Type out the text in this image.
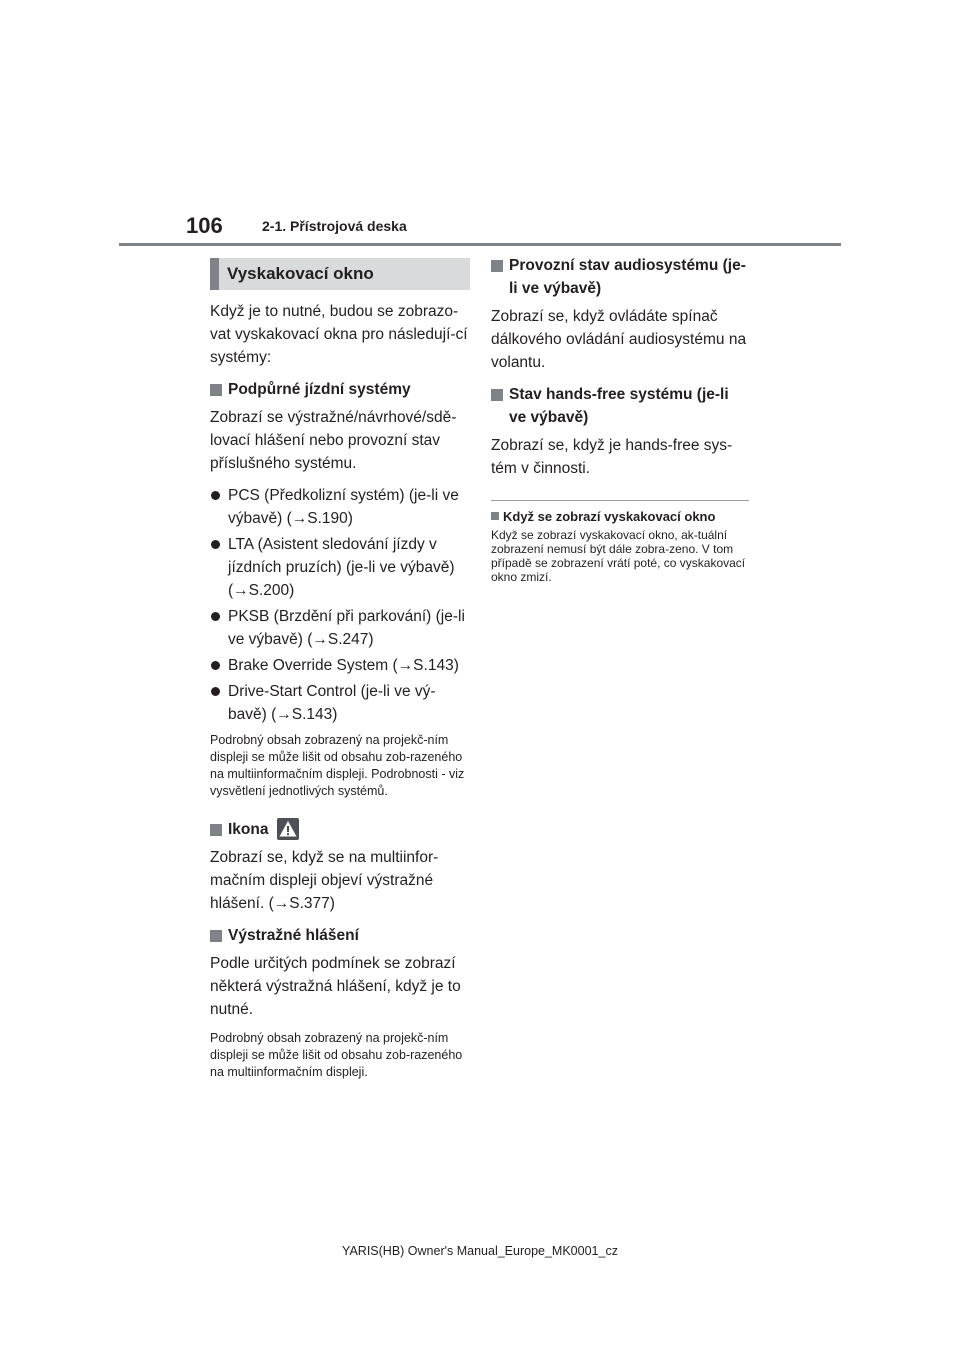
106	2-1. Přístrojová deska
Vyskakovací okno

Když je to nutné, budou se zobrazo-vat vyskakovací okna pro následují-cí systémy:

Podpůrné jízdní systémy

Zobrazí se výstražné/návrhové/sdě-lovací hlášení nebo provozní stav příslušného systému.

PCS (Předkolizní systém) (je-li ve výbavě) (→S.190)
LTA (Asistent sledování jízdy v jízdních pruzích) (je-li ve výbavě) (→S.200)
PKSB (Brzdění při parkování) (je-li ve výbavě) (→S.247)
Brake Override System (→S.143)
Drive-Start Control (je-li ve vý-bavě) (→S.143)

Podrobný obsah zobrazený na projekč-ním displeji se může lišit od obsahu zob-razeného na multiinformačním displeji. Podrobnosti - viz vysvětlení jednotlivých systémů.

Ikona

Zobrazí se, když se na multiinfor-mačním displeji objeví výstražné hlášení. (→S.377)

Výstražné hlášení

Podle určitých podmínek se zobrazí některá výstražná hlášení, když je to nutné.

Podrobný obsah zobrazený na projekč-ním displeji se může lišit od obsahu zob-razeného na multiinformačním displeji.

Provozní stav audiosystému (je-li ve výbavě)

Zobrazí se, když ovládáte spínač dálkového ovládání audiosystému na volantu.

Stav hands-free systému (je-li ve výbavě)

Zobrazí se, když je hands-free sys-tém v činnosti.

Když se zobrazí vyskakovací okno

Když se zobrazí vyskakovací okno, ak-tuální zobrazení nemusí být dále zobra-zeno. V tom případě se zobrazení vrátí poté, co vyskakovací okno zmizí.

YARIS(HB) Owner's Manual_Europe_MK0001_cz
